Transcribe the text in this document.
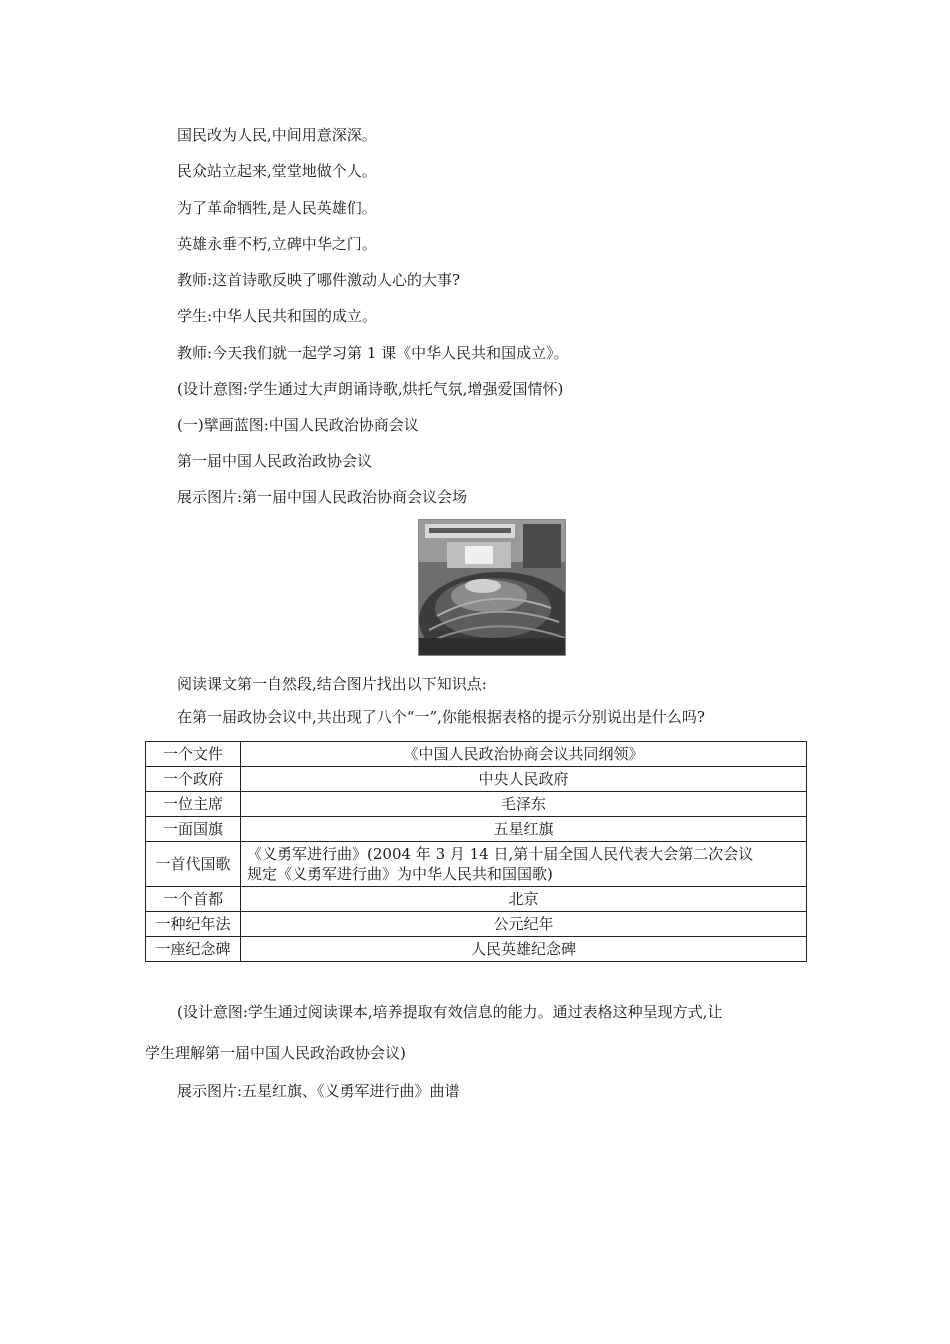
国民改为人民,中间用意深深。

民众站立起来,堂堂地做个人。

为了革命牺牲,是人民英雄们。

英雄永垂不朽,立碑中华之门。

教师:这首诗歌反映了哪件激动人心的大事?

学生:中华人民共和国的成立。

教师:今天我们就一起学习第 1 课《中华人民共和国成立》。

(设计意图:学生通过大声朗诵诗歌,烘托气氛,增强爱国情怀)

(一)擘画蓝图:中国人民政治协商会议

第一届中国人民政治政协会议

展示图片:第一届中国人民政治协商会议会场

阅读课文第一自然段,结合图片找出以下知识点:

在第一届政协会议中,共出现了八个“一”,你能根据表格的提示分别说出是什么吗?

一个文件	《中国人民政治协商会议共同纲领》
一个政府	中央人民政府
一位主席	毛泽东
一面国旗	五星红旗
一首代国歌	《义勇军进行曲》(2004 年 3 月 14 日,第十届全国人民代表大会第二次会议
规定《义勇军进行曲》为中华人民共和国国歌)

一个首都	北京
一种纪年法	公元纪年
一座纪念碑	人民英雄纪念碑

(设计意图:学生通过阅读课本,培养提取有效信息的能力。通过表格这种呈现方式,让

学生理解第一届中国人民政治政协会议)

展示图片:五星红旗、《义勇军进行曲》曲谱
